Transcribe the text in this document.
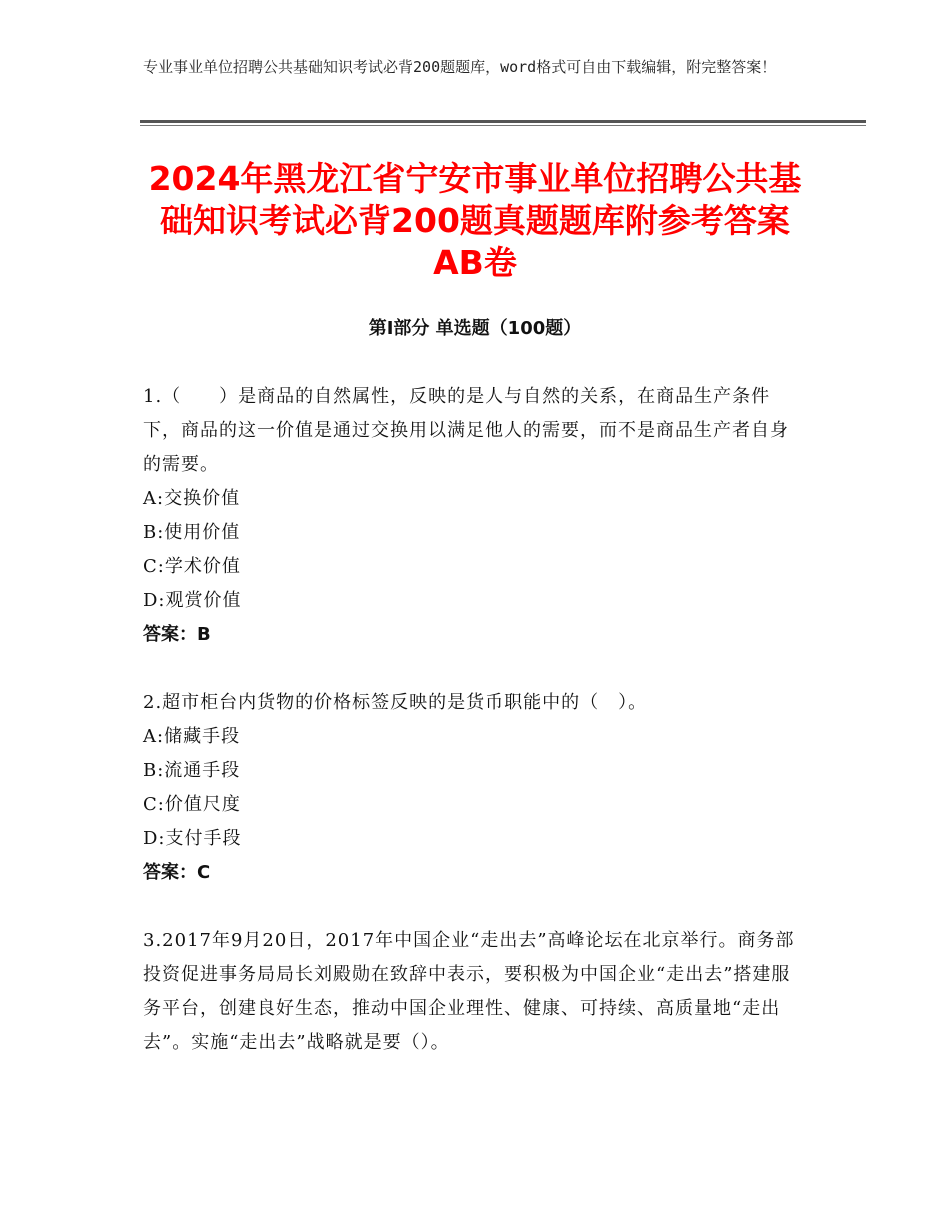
专业事业单位招聘公共基础知识考试必背200题题库，word格式可自由下载编辑，附完整答案！
2024年黑龙江省宁安市事业单位招聘公共基础知识考试必背200题真题题库附参考答案AB卷
第Ⅰ部分 单选题（100题）

1.（　　）是商品的自然属性，反映的是人与自然的关系，在商品生产条件下，商品的这一价值是通过交换用以满足他人的需要，而不是商品生产者自身的需要。

A:交换价值
B:使用价值
C:学术价值
D:观赏价值

答案：B

2.超市柜台内货物的价格标签反映的是货币职能中的（　）。

A:储藏手段
B:流通手段
C:价值尺度
D:支付手段

答案：C

3.2017年9月20日，2017年中国企业“走出去”高峰论坛在北京举行。商务部投资促进事务局局长刘殿勋在致辞中表示，要积极为中国企业“走出去”搭建服务平台，创建良好生态，推动中国企业理性、健康、可持续、高质量地“走出去”。实施“走出去”战略就是要（）。
